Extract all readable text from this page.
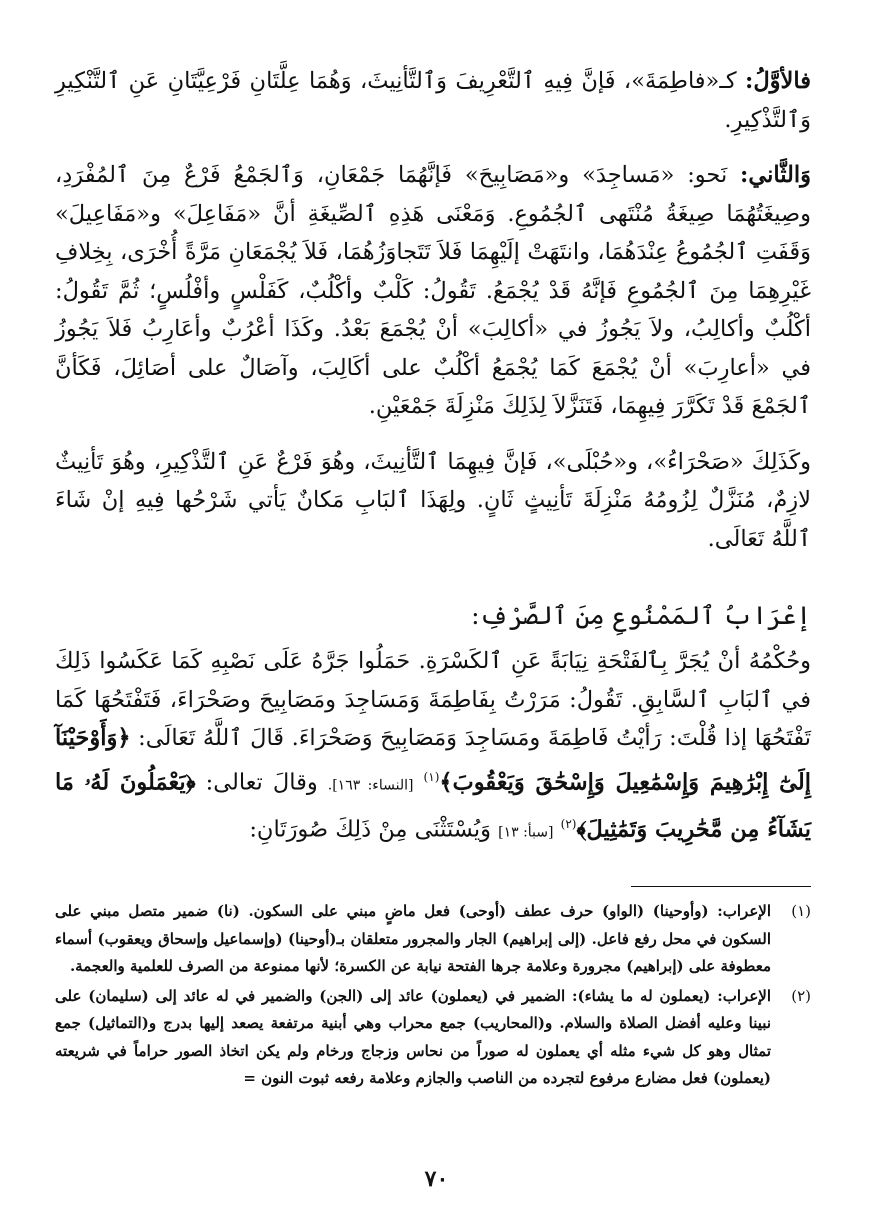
فالأوَّلُ: كـ«فاطِمَةَ»، فَإنَّ فِيهِ ٱلتَّعْرِيفَ وَٱلتَّأنِيثَ، وَهُمَا عِلَّتَانِ فَرْعِيَّتَانِ عَنِ ٱلتَّنْكِيرِ وَٱلتَّذْكِيرِ.

وَالثَّاني: نَحو: «مَساجِدَ» و«مَصَابِيحَ» فَإنَّهُمَا جَمْعَانِ، وَٱلجَمْعُ فَرْعٌ مِنَ ٱلمُفْرَدِ، وصِيغَتُهُمَا صِيغَةُ مُنْتَهى ٱلجُمُوعِ. وَمَعْنَى هَذِهِ ٱلصِّيغَةِ أنَّ «مَفَاعِلَ» و«مَفَاعِيلَ» وَقَفَتِ ٱلجُمُوعُ عِنْدَهُمَا، وانتَهَتْ إلَيْهِمَا فَلاَ تَتَجاوَزُهُمَا، فَلاَ يُجْمَعَانِ مَرَّةً أُخْرَى، بِخِلافِ غَيْرِهِمَا مِنَ ٱلجُمُوعِ فَإنَّهُ قَدْ يُجْمَعُ. تَقُولُ: كَلْبٌ وأكْلُبٌ، كَفَلْسٍ وأفْلُسٍ؛ ثُمَّ تَقُولُ: أكْلُبٌ وأكالِبُ، ولاَ يَجُوزُ في «أكالِبَ» أنْ يُجْمَعَ بَعْدُ. وكَذَا أعْرُبٌ وأعَارِبُ فَلاَ يَجُوزُ في «أعارِبَ» أنْ يُجْمَعَ كَمَا يُجْمَعُ أكْلُبٌ على أكَالِبَ، وآصَالٌ على أصَائِلَ، فَكَأنَّ ٱلجَمْعَ قَدْ تَكَرَّرَ فِيهِمَا، فَتَنَزَّلاَ لِذَلِكَ مَنْزِلَةَ جَمْعَيْنِ.

وكَذَلِكَ «صَحْرَاءُ»، و«حُبْلَى»، فَإنَّ فِيهِمَا ٱلتَّأنِيثَ، وهُوَ فَرْعٌ عَنِ ٱلتَّذْكِيرِ، وهُوَ تَأنِيثٌ لازِمٌ، مُنَزَّلٌ لِزُومُهُ مَنْزِلَةَ تَأنِيثٍ ثَانٍ. ولِهَذَا ٱلبَابِ مَكانٌ يَأتي شَرْحُها فِيهِ إنْ شَاءَ ٱللَّهُ تَعَالَى.

إعْرَابُ ٱلمَمْنُوعِ مِنَ ٱلصَّرْفِ:

وحُكْمُهُ أنْ يُجَرَّ بِٱلفَتْحَةِ نِيَابَةً عَنِ ٱلكَسْرَةِ. حَمَلُوا جَرَّهُ عَلَى نَصْبِهِ كَمَا عَكَسُوا ذَلِكَ في ٱلبَابِ ٱلسَّابِقِ. تَقُولُ: مَرَرْتُ بِفَاطِمَةَ وَمَسَاجِدَ ومَصَابِيحَ وصَحْرَاءَ، فَتَفْتَحُهَا كَمَا تَفْتَحُهَا إذا قُلْتَ: رَأيْتُ فَاطِمَةَ ومَسَاجِدَ وَمَصَابِيحَ وَصَحْرَاءَ. قَالَ ٱللَّهُ تَعَالَى: ﴿وَأَوْحَيْنَآ إِلَىٰٓ إِبْرَٰهِيمَ وَإِسْمَٰعِيلَ وَإِسْحَٰقَ وَيَعْقُوبَ﴾$^{(١)}$ [النساء: ١٦٣]. وقالَ تعالى: ﴿يَعْمَلُونَ لَهُۥ مَا يَشَآءُ مِن مَّحَٰرِيبَ وَتَمَٰثِيلَ﴾$^{(٢)}$ [سبأ: ١٣] وَيُسْتَثْنَى مِنْ ذَلِكَ صُورَتَانِ:

(١)
الإعراب: (وأوحينا) (الواو) حرف عطف (أوحى) فعل ماضٍ مبني على السكون. (نا) ضمير متصل مبني على السكون في محل رفع فاعل. (إلى إبراهيم) الجار والمجرور متعلقان بـ(أوحينا) (وإسماعيل وإسحاق ويعقوب) أسماء معطوفة على (إبراهيم) مجرورة وعلامة جرها الفتحة نيابة عن الكسرة؛ لأنها ممنوعة من الصرف للعلمية والعجمة.
(٢)
الإعراب: (يعملون له ما يشاء): الضمير في (يعملون) عائد إلى (الجن) والضمير في له عائد إلى (سليمان) على نبينا وعليه أفضل الصلاة والسلام. و(المحاريب) جمع محراب وهي أبنية مرتفعة يصعد إليها بدرج و(التماثيل) جمع تمثال وهو كل شيء مثله أي يعملون له صوراً من نحاس وزجاج ورخام ولم يكن اتخاذ الصور حراماً في شريعته (يعملون) فعل مضارع مرفوع لتجرده من الناصب والجازم وعلامة رفعه ثبوت النون =
٧٠
